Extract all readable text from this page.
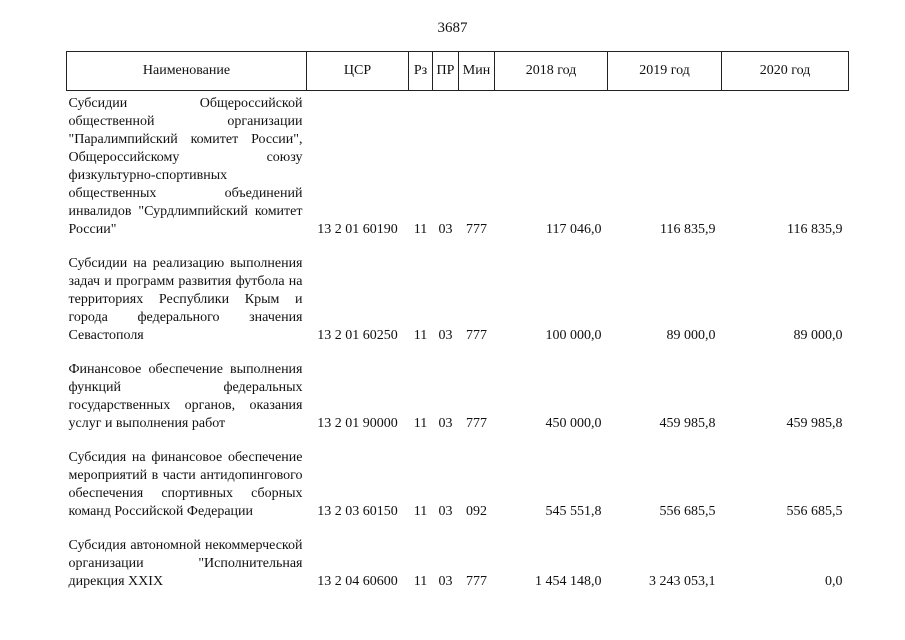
3687
Наименование	ЦСР	Рз	ПР	Мин	2018 год	2019 год	2020 год
Субсидии Общероссийской общественной организации "Паралимпийский комитет России", Общероссийскому союзу физкультурно-спортивных общественных объединений инвалидов "Сурдлимпийский комитет России"	13 2 01 60190	11	03	777	117 046,0	116 835,9	116 835,9
Субсидии на реализацию выполнения задач и программ развития футбола на территориях Республики Крым и города федерального значения Севастополя	13 2 01 60250	11	03	777	100 000,0	89 000,0	89 000,0
Финансовое обеспечение выполнения функций федеральных государственных органов, оказания услуг и выполнения работ	13 2 01 90000	11	03	777	450 000,0	459 985,8	459 985,8
Субсидия на финансовое обеспечение мероприятий в части антидопингового обеспечения спортивных сборных команд Российской Федерации	13 2 03 60150	11	03	092	545 551,8	556 685,5	556 685,5
Субсидия автономной некоммерческой организации "Исполнительная дирекция XXIX	13 2 04 60600	11	03	777	1 454 148,0	3 243 053,1	0,0
